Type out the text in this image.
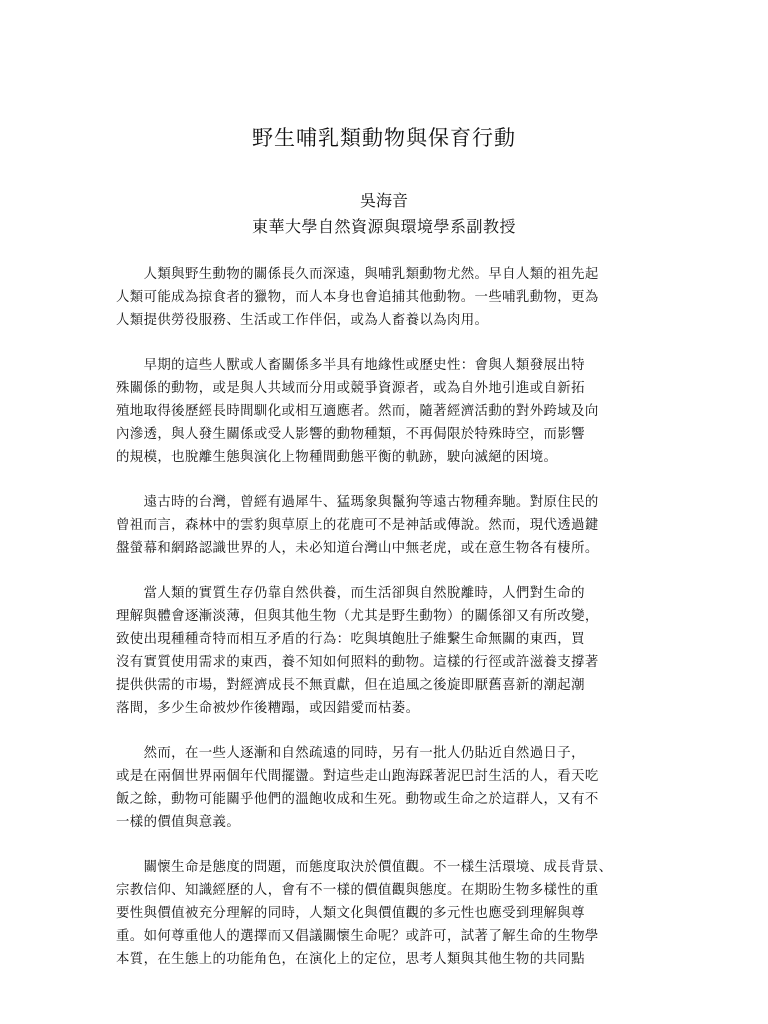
野生哺乳類動物與保育行動
吳海音
東華大學自然資源與環境學系副教授
　　人類與野生動物的關係長久而深遠，與哺乳類動物尤然。早自人類的祖先起
人類可能成為掠食者的獵物，而人本身也會追捕其他動物。一些哺乳動物，更為
人類提供勞役服務、生活或工作伴侶，或為人畜養以為肉用。
　　早期的這些人獸或人畜關係多半具有地緣性或歷史性：會與人類發展出特
殊關係的動物，或是與人共域而分用或競爭資源者，或為自外地引進或自新拓
殖地取得後歷經長時間馴化或相互適應者。然而，隨著經濟活動的對外跨域及向
內滲透，與人發生關係或受人影響的動物種類，不再侷限於特殊時空，而影響
的規模，也脫離生態與演化上物種間動態平衡的軌跡，駛向滅絕的困境。
　　遠古時的台灣，曾經有過犀牛、猛瑪象與鬣狗等遠古物種奔馳。對原住民的
曾祖而言，森林中的雲豹與草原上的花鹿可不是神話或傳說。然而，現代透過鍵
盤螢幕和網路認識世界的人，未必知道台灣山中無老虎，或在意生物各有棲所。
　　當人類的實質生存仍靠自然供養，而生活卻與自然脫離時，人們對生命的
理解與體會逐漸淡薄，但與其他生物（尤其是野生動物）的關係卻又有所改變，
致使出現種種奇特而相互矛盾的行為：吃與填飽肚子維繫生命無關的東西，買
沒有實質使用需求的東西，養不知如何照料的動物。這樣的行徑或許滋養支撐著
提供供需的市場，對經濟成長不無貢獻，但在追風之後旋即厭舊喜新的潮起潮
落間，多少生命被炒作後糟蹋，或因錯愛而枯萎。
　　然而，在一些人逐漸和自然疏遠的同時，另有一批人仍貼近自然過日子，
或是在兩個世界兩個年代間擺盪。對這些走山跑海踩著泥巴討生活的人，看天吃
飯之餘，動物可能關乎他們的溫飽收成和生死。動物或生命之於這群人，又有不
一樣的價值與意義。
　　關懷生命是態度的問題，而態度取決於價值觀。不一樣生活環境、成長背景、
宗教信仰、知識經歷的人，會有不一樣的價值觀與態度。在期盼生物多樣性的重
要性與價值被充分理解的同時，人類文化與價值觀的多元性也應受到理解與尊
重。如何尊重他人的選擇而又倡議關懷生命呢？或許可，試著了解生命的生物學
本質，在生態上的功能角色，在演化上的定位，思考人類與其他生物的共同點
